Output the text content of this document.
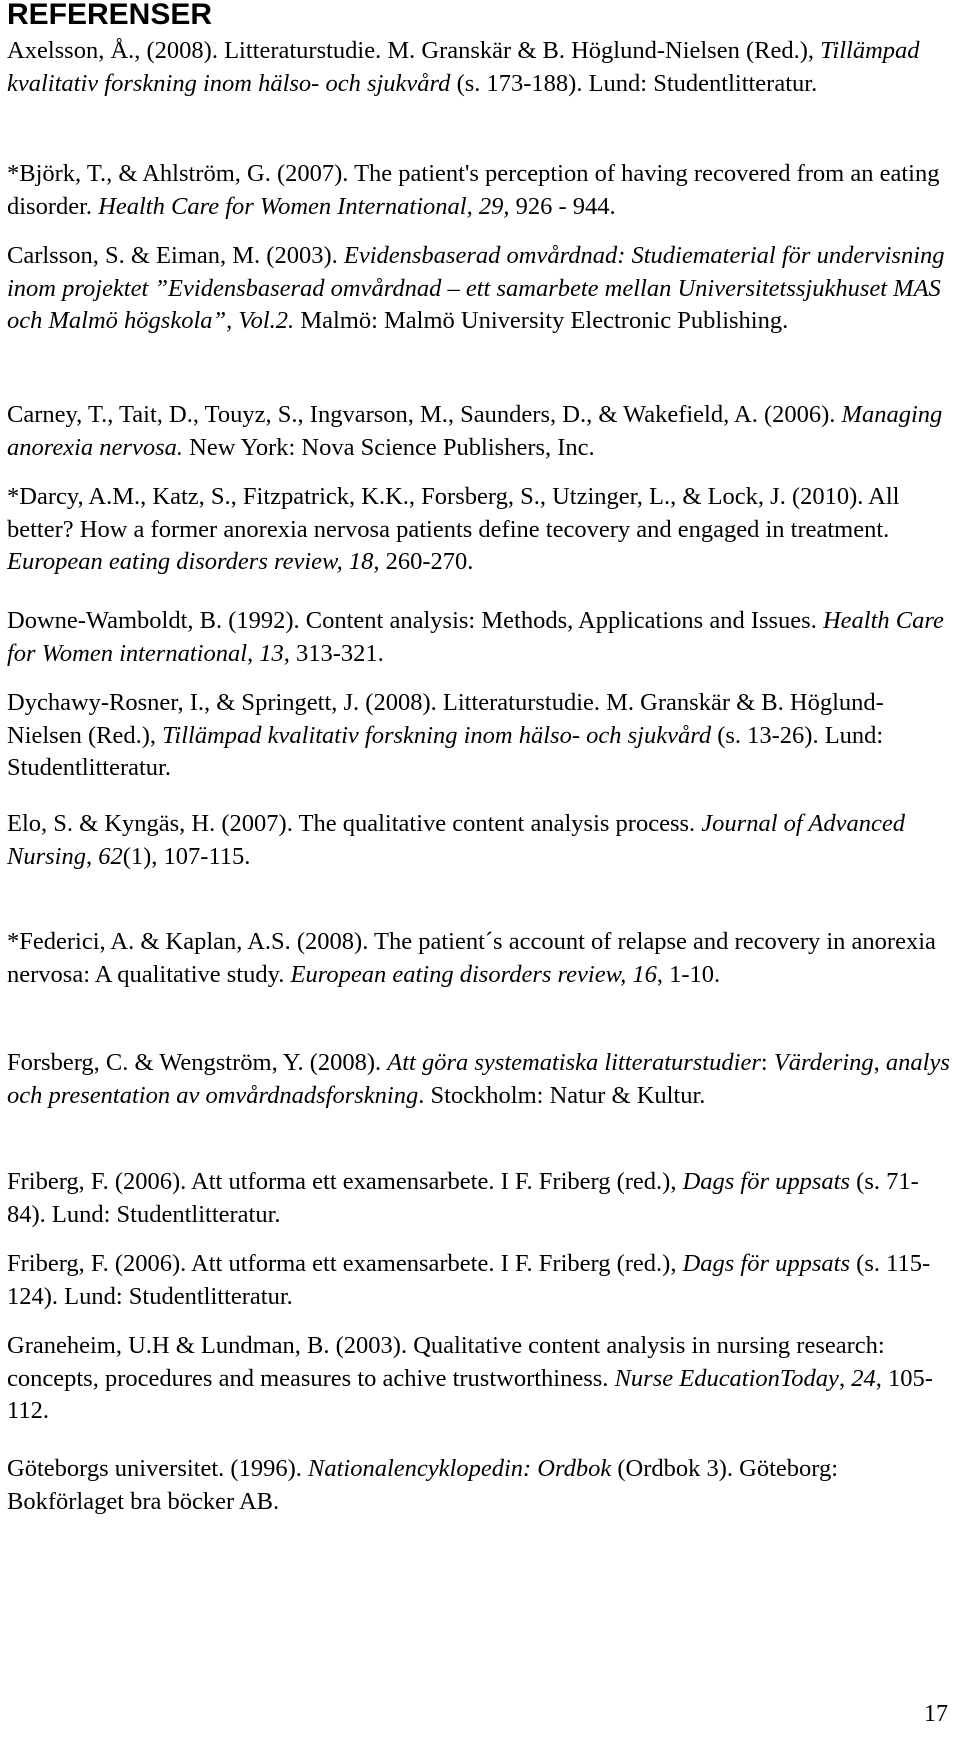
REFERENSER

Axelsson, Å., (2008). Litteraturstudie. M. Granskär & B. Höglund-Nielsen (Red.), Tillämpad kvalitativ forskning inom hälso- och sjukvård (s. 173-188). Lund: Studentlitteratur.

*Björk, T., & Ahlström, G. (2007). The patient's perception of having recovered from an eating disorder. Health Care for Women International, 29, 926 - 944.

Carlsson, S. & Eiman, M. (2003). Evidensbaserad omvårdnad: Studiematerial för undervisning inom projektet ”Evidensbaserad omvårdnad – ett samarbete mellan Universitetssjukhuset MAS och Malmö högskola”, Vol.2. Malmö: Malmö University Electronic Publishing.

Carney, T., Tait, D., Touyz, S., Ingvarson, M., Saunders, D., & Wakefield, A. (2006). Managing anorexia nervosa. New York: Nova Science Publishers, Inc.

*Darcy, A.M., Katz, S., Fitzpatrick, K.K., Forsberg, S., Utzinger, L., & Lock, J. (2010). All better? How a former anorexia nervosa patients define tecovery and engaged in treatment. European eating disorders review, 18, 260-270.

Downe-Wamboldt, B. (1992). Content analysis: Methods, Applications and Issues. Health Care for Women international, 13, 313-321.

Dychawy-Rosner, I., & Springett, J. (2008). Litteraturstudie. M. Granskär & B. Höglund-Nielsen (Red.), Tillämpad kvalitativ forskning inom hälso- och sjukvård (s. 13-26). Lund: Studentlitteratur.

Elo, S. & Kyngäs, H. (2007). The qualitative content analysis process. Journal of Advanced Nursing, 62(1), 107-115.

*Federici, A. & Kaplan, A.S. (2008). The patient´s account of relapse and recovery in anorexia nervosa: A qualitative study. European eating disorders review, 16, 1-10.

Forsberg, C. & Wengström, Y. (2008). Att göra systematiska litteraturstudier: Värdering, analys och presentation av omvårdnadsforskning. Stockholm: Natur & Kultur.

Friberg, F. (2006). Att utforma ett examensarbete. I F. Friberg (red.), Dags för uppsats (s. 71-84). Lund: Studentlitteratur.

Friberg, F. (2006). Att utforma ett examensarbete. I F. Friberg (red.), Dags för uppsats (s. 115-124). Lund: Studentlitteratur.

Graneheim, U.H & Lundman, B. (2003). Qualitative content analysis in nursing research: concepts, procedures and measures to achive trustworthiness. Nurse EducationToday, 24, 105-112.

Göteborgs universitet. (1996). Nationalencyklopedin: Ordbok (Ordbok 3). Göteborg: Bokförlaget bra böcker AB.

17
